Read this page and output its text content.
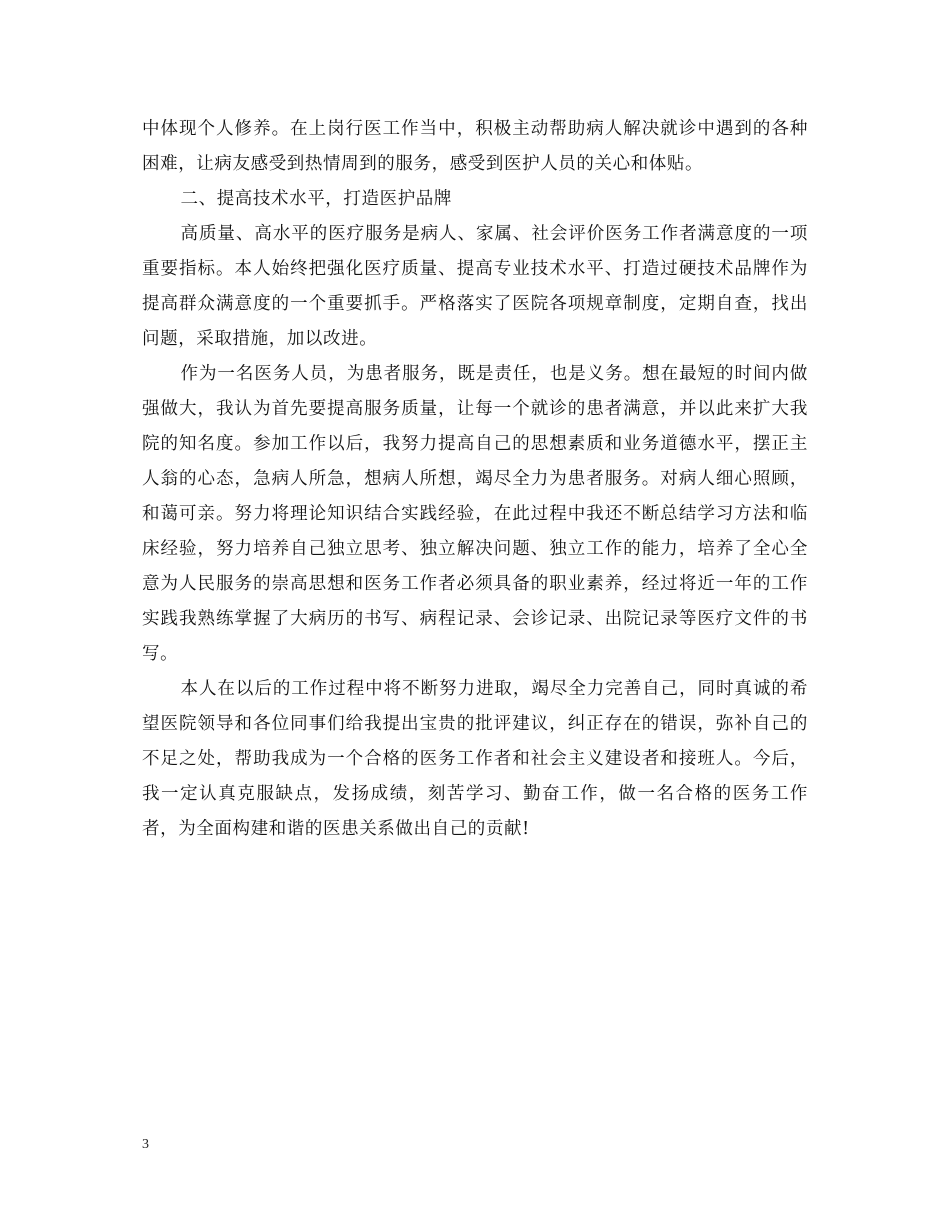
中体现个人修养。在上岗行医工作当中，积极主动帮助病人解决就诊中遇到的各种困难，让病友感受到热情周到的服务，感受到医护人员的关心和体贴。

二、提高技术水平，打造医护品牌

高质量、高水平的医疗服务是病人、家属、社会评价医务工作者满意度的一项重要指标。本人始终把强化医疗质量、提高专业技术水平、打造过硬技术品牌作为提高群众满意度的一个重要抓手。严格落实了医院各项规章制度，定期自查，找出问题，采取措施，加以改进。

作为一名医务人员，为患者服务，既是责任，也是义务。想在最短的时间内做强做大，我认为首先要提高服务质量，让每一个就诊的患者满意，并以此来扩大我院的知名度。参加工作以后，我努力提高自己的思想素质和业务道德水平，摆正主人翁的心态，急病人所急，想病人所想，竭尽全力为患者服务。对病人细心照顾，和蔼可亲。努力将理论知识结合实践经验，在此过程中我还不断总结学习方法和临床经验，努力培养自己独立思考、独立解决问题、独立工作的能力，培养了全心全意为人民服务的崇高思想和医务工作者必须具备的职业素养，经过将近一年的工作实践我熟练掌握了大病历的书写、病程记录、会诊记录、出院记录等医疗文件的书写。

本人在以后的工作过程中将不断努力进取，竭尽全力完善自己，同时真诚的希望医院领导和各位同事们给我提出宝贵的批评建议，纠正存在的错误，弥补自己的不足之处，帮助我成为一个合格的医务工作者和社会主义建设者和接班人。今后，我一定认真克服缺点，发扬成绩，刻苦学习、勤奋工作，做一名合格的医务工作者，为全面构建和谐的医患关系做出自己的贡献!

3
